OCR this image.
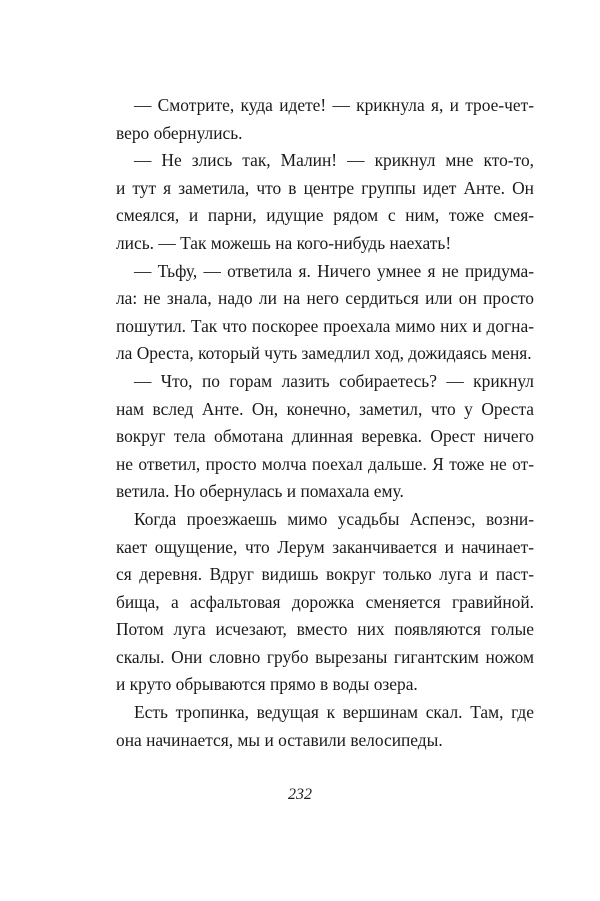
— Смотрите, куда идете! — крикнула я, и трое-чет-
веро обернулись.

— Не злись так, Малин! — крикнул мне кто-то,
и тут я заметила, что в центре группы идет Анте. Он
смеялся, и парни, идущие рядом с ним, тоже смея-
лись. — Так можешь на кого-нибудь наехать!

— Тьфу, — ответила я. Ничего умнее я не придума-
ла: не знала, надо ли на него сердиться или он просто
пошутил. Так что поскорее проехала мимо них и догна-
ла Ореста, который чуть замедлил ход, дожидаясь меня.

— Что, по горам лазить собираетесь? — крикнул
нам вслед Анте. Он, конечно, заметил, что у Ореста
вокруг тела обмотана длинная веревка. Орест ничего
не ответил, просто молча поехал дальше. Я тоже не от-
ветила. Но обернулась и помахала ему.

Когда проезжаешь мимо усадьбы Аспенэс, возни-
кает ощущение, что Лерум заканчивается и начинает-
ся деревня. Вдруг видишь вокруг только луга и паст-
бища, а асфальтовая дорожка сменяется гравийной.
Потом луга исчезают, вместо них появляются голые
скалы. Они словно грубо вырезаны гигантским ножом
и круто обрываются прямо в воды озера.

Есть тропинка, ведущая к вершинам скал. Там, где
она начинается, мы и оставили велосипеды.

232
